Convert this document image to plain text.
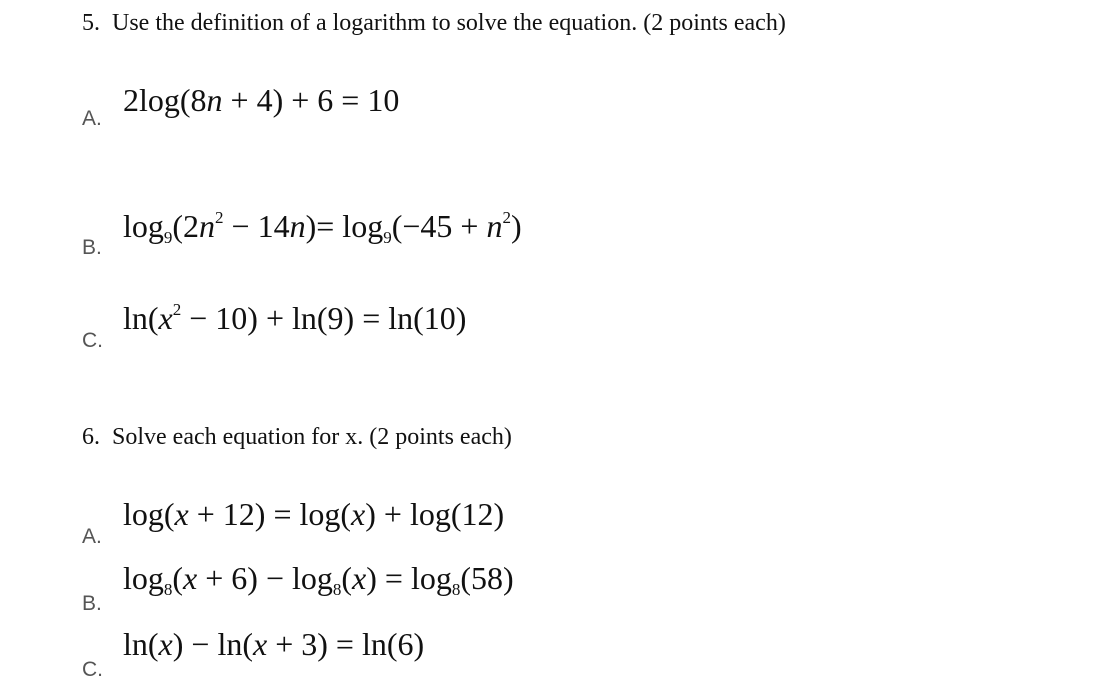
5. Use the definition of a logarithm to solve the equation. (2 points each)
A.
2log(8n + 4) + 6 = 10
B.
$\log_9(2n^2 - 14n)= \log_9(-45 + n^2)$
C.
$\ln(x^2 - 10) + \ln(9) = \ln(10)$
6. Solve each equation for x. (2 points each)
A.
log(x + 12) = log(x) + log(12)
B.
$\log_8(x + 6) - \log_8(x) = \log_8(58)$
C.
ln(x) − ln(x + 3) = ln(6)
